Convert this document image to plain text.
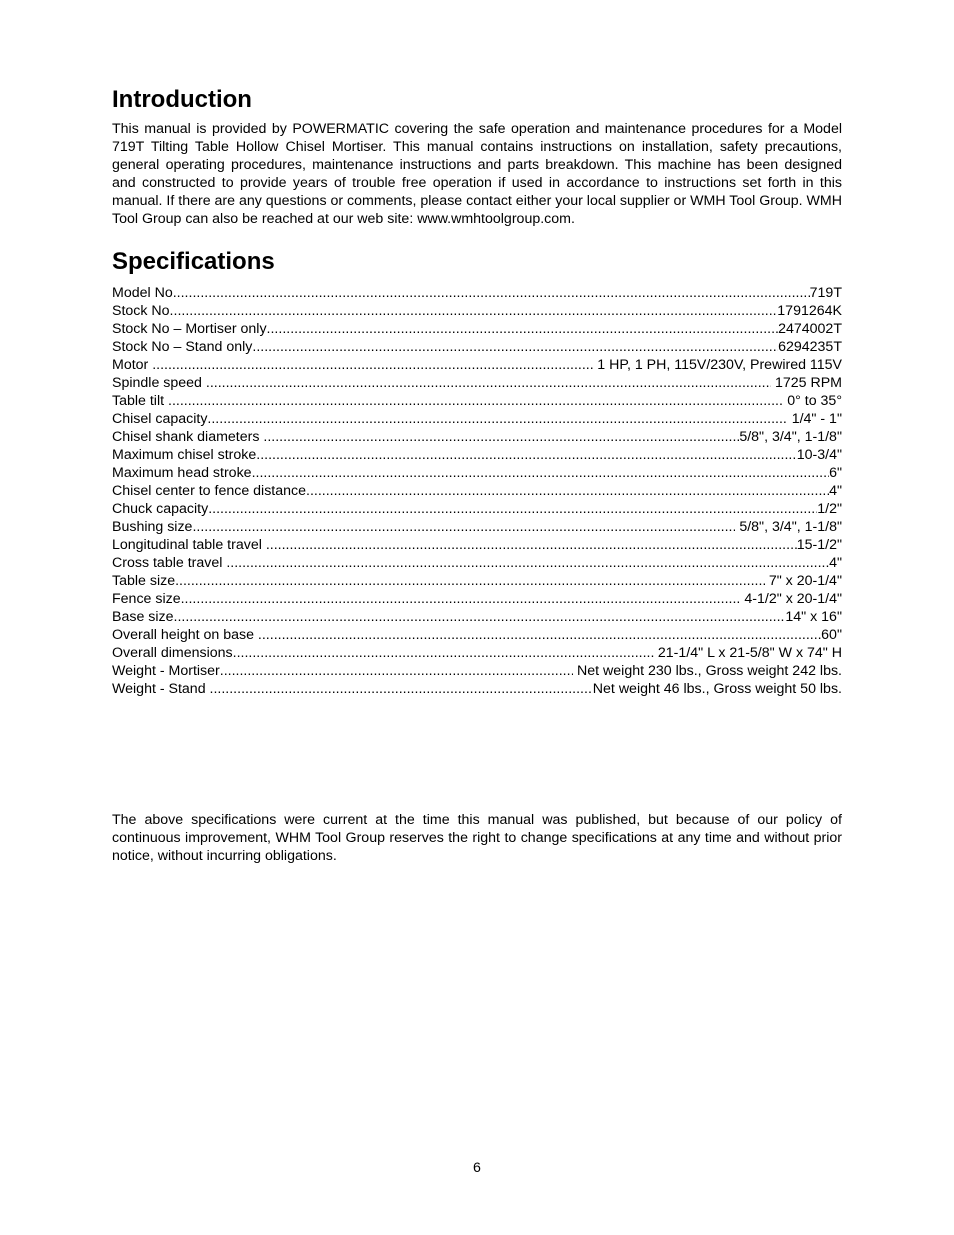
Introduction

This manual is provided by POWERMATIC covering the safe operation and maintenance procedures for a Model 719T Tilting Table Hollow Chisel Mortiser. This manual contains instructions on installation, safety precautions, general operating procedures, maintenance instructions and parts breakdown. This machine has been designed and constructed to provide years of trouble free operation if used in accordance to instructions set forth in this manual. If there are any questions or comments, please contact either your local supplier or WMH Tool Group. WMH Tool Group can also be reached at our web site: www.wmhtoolgroup.com.

Specifications
Model No. .....	719T
Stock No. .....	1791264K
Stock No – Mortiser only .....	2474002T
Stock No – Stand only .....	6294235T
Motor .....	1 HP, 1 PH, 115V/230V, Prewired 115V
Spindle speed .....	1725 RPM
Table tilt .....	0° to 35°
Chisel capacity .....	1/4" - 1"
Chisel shank diameters .....	5/8", 3/4", 1-1/8"
Maximum chisel stroke .....	10-3/4"
Maximum head stroke .....	6"
Chisel center to fence distance .....	4"
Chuck capacity .....	1/2"
Bushing size .....	5/8", 3/4", 1-1/8"
Longitudinal table travel .....	15-1/2"
Cross table travel .....	4"
Table size .....	7" x 20-1/4"
Fence size .....	4-1/2" x 20-1/4"
Base size .....	14" x 16"
Overall height on base .....	60"
Overall dimensions .....	21-1/4" L x 21-5/8" W x 74" H
Weight - Mortiser .....	Net weight 230 lbs., Gross weight 242 lbs.
Weight - Stand .....	Net weight 46 lbs., Gross weight 50 lbs.

The above specifications were current at the time this manual was published, but because of our policy of continuous improvement, WHM Tool Group reserves the right to change specifications at any time and without prior notice, without incurring obligations.

6
